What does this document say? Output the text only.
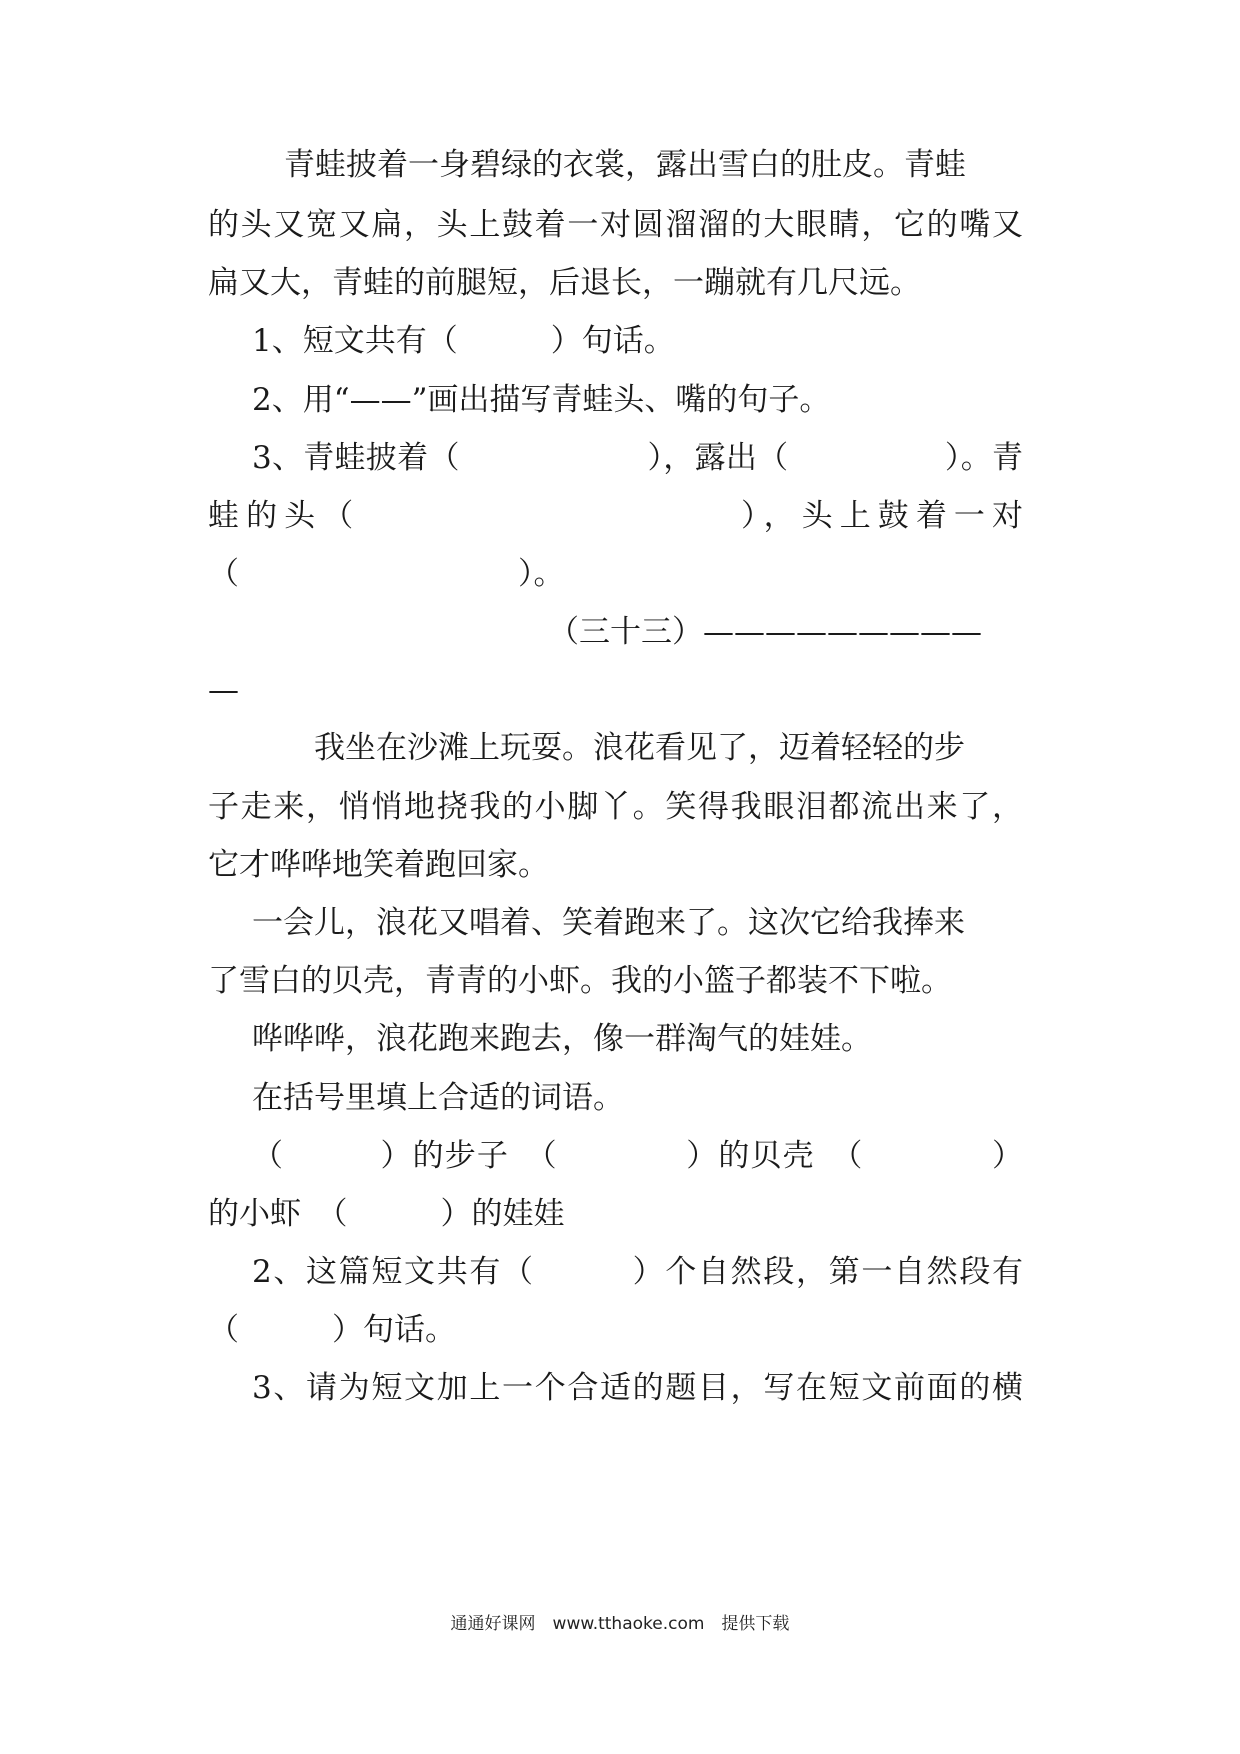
青蛙披着一身碧绿的衣裳，露出雪白的肚皮。青蛙
的头又宽又扁，头上鼓着一对圆溜溜的大眼睛，它的嘴又
扁又大，青蛙的前腿短，后退长，一蹦就有几尺远。
1、短文共有（　　　）句话。
2、用“——”画出描写青蛙头、嘴的句子。
3、青蛙披着（　　　　　　），露出（　　　　　）。青
蛙的头（　　　　　　　　　　），头上鼓着一对
（　　　　　　　　　）。
（三十三）—————————
—
我坐在沙滩上玩耍。浪花看见了，迈着轻轻的步
子走来，悄悄地挠我的小脚丫。笑得我眼泪都流出来了，
它才哗哗地笑着跑回家。
一会儿，浪花又唱着、笑着跑来了。这次它给我捧来
了雪白的贝壳，青青的小虾。我的小篮子都装不下啦。
哗哗哗，浪花跑来跑去，像一群淘气的娃娃。
在括号里填上合适的词语。
（　　　）的步子　（　　　　）的贝壳　（　　　　）
的小虾　（　　　）的娃娃
2、这篇短文共有（　　　）个自然段，第一自然段有
（　　　）句话。
3、请为短文加上一个合适的题目，写在短文前面的横
通通好课网　www.tthaoke.com　提供下载
